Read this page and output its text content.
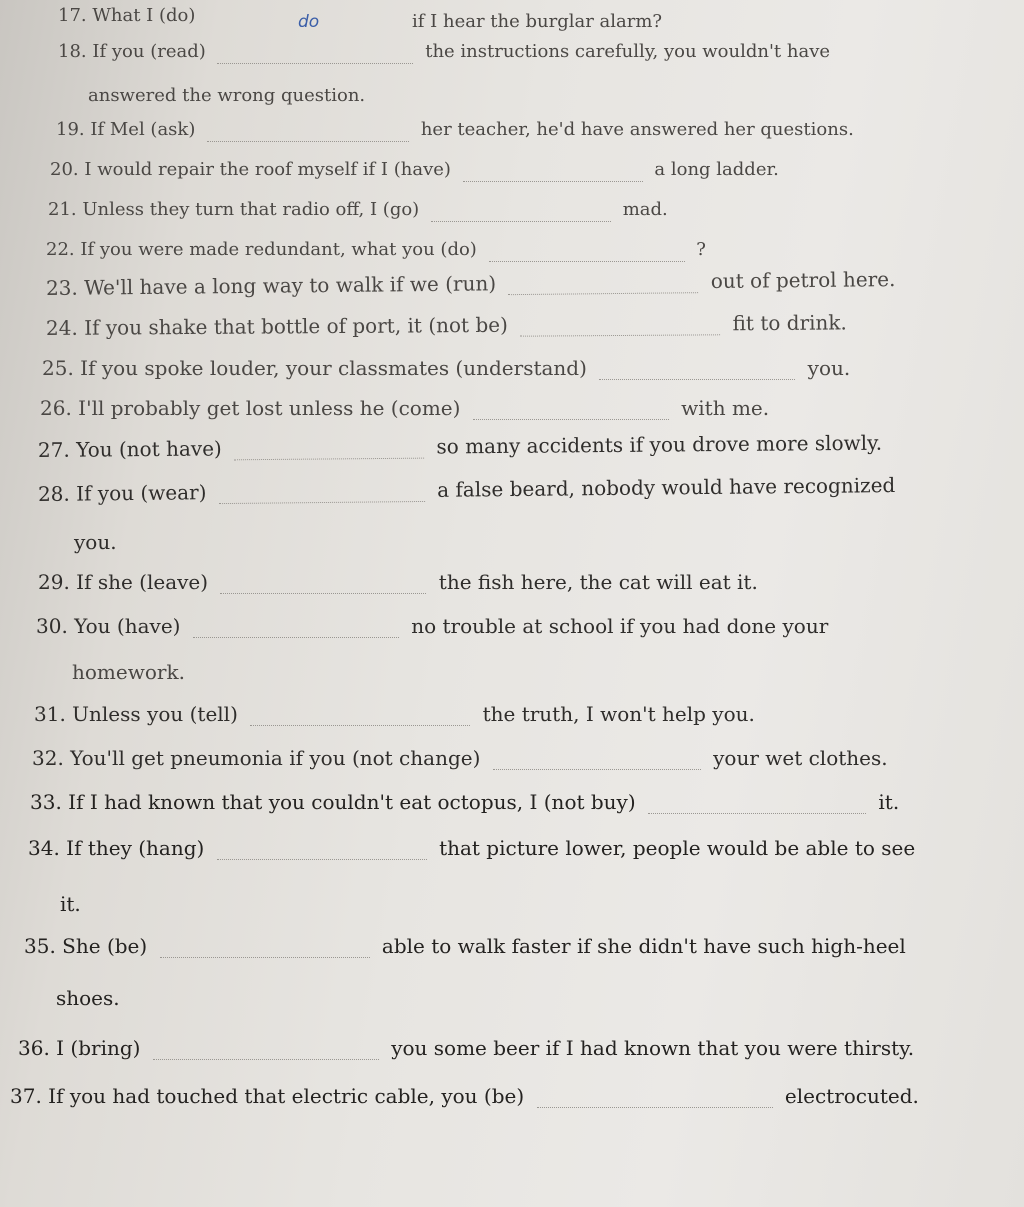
17. What I (do)	do	if I hear the burglar alarm?
18. If you (read)	the instructions carefully, you wouldn't have
answered the wrong question.
19. If Mel (ask)	her teacher, he'd have answered her questions.
20. I would repair the roof myself if I (have)	a long ladder.
21. Unless they turn that radio off, I (go)	mad.
22. If you were made redundant, what you (do)	?
23. We'll have a long way to walk if we (run)	out of petrol here.
24. If you shake that bottle of port, it (not be)	fit to drink.
25. If you spoke louder, your classmates (understand)	you.
26. I'll probably get lost unless he (come)	with me.
27. You (not have)	so many accidents if you drove more slowly.
28. If you (wear)	a false beard, nobody would have recognized
you.
29. If she (leave)	the fish here, the cat will eat it.
30. You (have)	no trouble at school if you had done your
homework.
31. Unless you (tell)	the truth, I won't help you.
32. You'll get pneumonia if you (not change)	your wet clothes.
33. If I had known that you couldn't eat octopus, I (not buy)	it.
34. If they (hang)	that picture lower, people would be able to see
it.
35. She (be)	able to walk faster if she didn't have such high-heel
shoes.
36. I (bring)	you some beer if I had known that you were thirsty.
37. If you had touched that electric cable, you (be)	electrocuted.
